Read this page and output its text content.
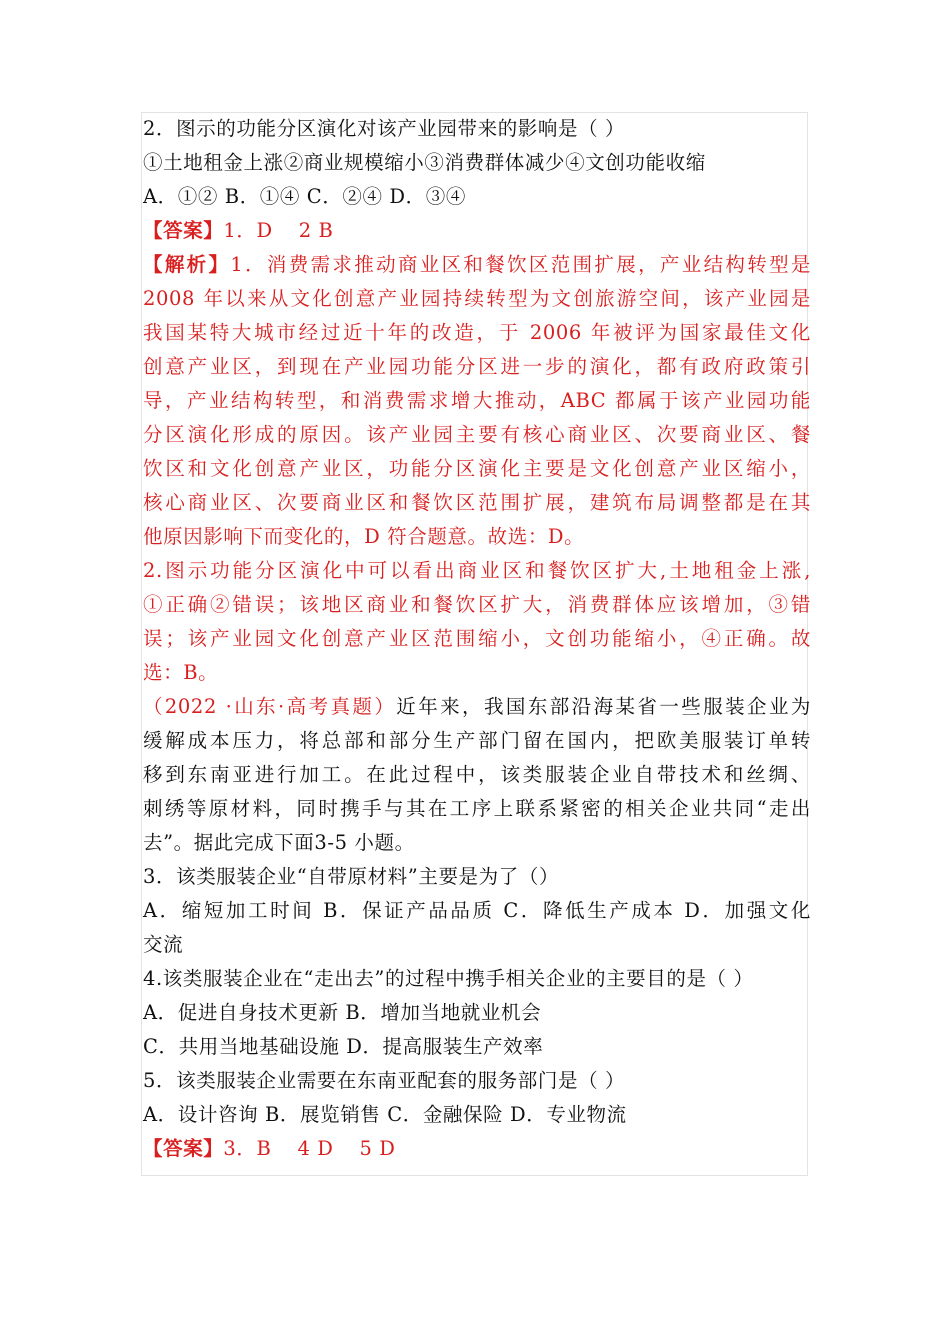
2．图示的功能分区演化对该产业园带来的影响是（ ）
①土地租金上涨②商业规模缩小③消费群体减少④文创功能收缩
A．①② B．①④ C．②④ D．③④
【答案】1．D 2 B
【解析】1．消费需求推动商业区和餐饮区范围扩展，产业结构转型是
2008 年以来从文化创意产业园持续转型为文创旅游空间，该产业园是
我国某特大城市经过近十年的改造，于 2006 年被评为国家最佳文化
创意产业区，到现在产业园功能分区进一步的演化，都有政府政策引
导，产业结构转型，和消费需求增大推动，ABC 都属于该产业园功能
分区演化形成的原因。该产业园主要有核心商业区、次要商业区、餐
饮区和文化创意产业区，功能分区演化主要是文化创意产业区缩小，
核心商业区、次要商业区和餐饮区范围扩展，建筑布局调整都是在其
他原因影响下而变化的，D 符合题意。故选：D。
2.图示功能分区演化中可以看出商业区和餐饮区扩大,土地租金上涨,
①正确②错误；该地区商业和餐饮区扩大，消费群体应该增加，③错
误；该产业园文化创意产业区范围缩小，文创功能缩小，④正确。故
选：B。
（2022 ·山东·高考真题）近年来，我国东部沿海某省一些服装企业为
缓解成本压力，将总部和部分生产部门留在国内，把欧美服装订单转
移到东南亚进行加工。在此过程中，该类服装企业自带技术和丝绸、
刺绣等原材料，同时携手与其在工序上联系紧密的相关企业共同“走出
去”。据此完成下面3-5 小题。
3．该类服装企业“自带原材料”主要是为了（）
A．缩短加工时间 B．保证产品品质 C．降低生产成本 D．加强文化
交流
4.该类服装企业在“走出去”的过程中携手相关企业的主要目的是（ ）
A．促进自身技术更新 B．增加当地就业机会
C．共用当地基础设施 D．提高服装生产效率
5．该类服装企业需要在东南亚配套的服务部门是（ ）
A．设计咨询 B．展览销售 C．金融保险 D．专业物流
【答案】3．B 4 D 5 D
